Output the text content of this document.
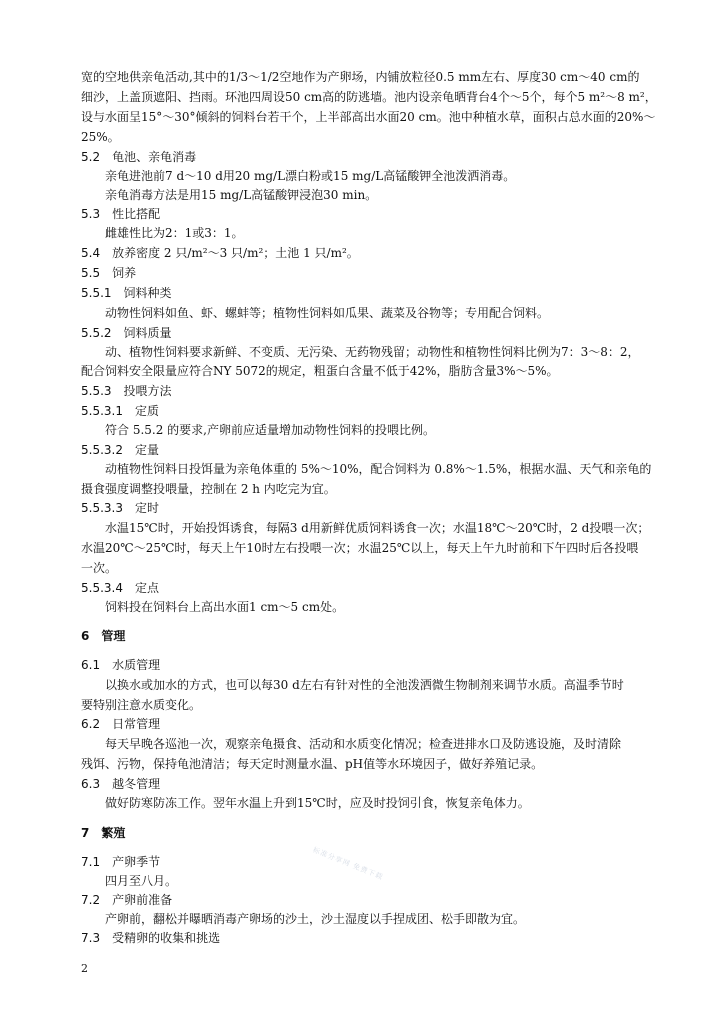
宽的空地供亲龟活动,其中的1/3～1/2空地作为产卵场，内铺放粒径0.5 mm左右、厚度30 cm～40 cm的
细沙，上盖顶遮阳、挡雨。环池四周设50 cm高的防逃墙。池内设亲龟晒背台4个～5个，每个5 m²～8 m²，
设与水面呈15°～30°倾斜的饲料台若干个，上半部高出水面20 cm。池中种植水草，面积占总水面的20%～
25%。
5.2 龟池、亲龟消毒
亲龟进池前7 d～10 d用20 mg/L漂白粉或15 mg/L高锰酸钾全池泼洒消毒。
亲龟消毒方法是用15 mg/L高锰酸钾浸泡30 min。
5.3 性比搭配
雌雄性比为2：1或3：1。
5.4 放养密度 2 只/m²～3 只/m²；土池 1 只/m²。
5.5 饲养
5.5.1 饲料种类
动物性饲料如鱼、虾、螺蚌等；植物性饲料如瓜果、蔬菜及谷物等；专用配合饲料。
5.5.2 饲料质量
动、植物性饲料要求新鲜、不变质、无污染、无药物残留；动物性和植物性饲料比例为7：3～8：2，
配合饲料安全限量应符合NY 5072的规定，粗蛋白含量不低于42%，脂肪含量3%～5%。
5.5.3 投喂方法
5.5.3.1 定质
符合 5.5.2 的要求,产卵前应适量增加动物性饲料的投喂比例。
5.5.3.2 定量
动植物性饲料日投饵量为亲龟体重的 5%～10%，配合饲料为 0.8%～1.5%，根据水温、天气和亲龟的
摄食强度调整投喂量，控制在 2 h 内吃完为宜。
5.5.3.3 定时
水温15℃时，开始投饵诱食，每隔3 d用新鲜优质饲料诱食一次；水温18℃～20℃时，2 d投喂一次；
水温20℃～25℃时，每天上午10时左右投喂一次；水温25℃以上，每天上午九时前和下午四时后各投喂
一次。
5.5.3.4 定点
饲料投在饲料台上高出水面1 cm～5 cm处。
6 管理
6.1 水质管理
以换水或加水的方式，也可以每30 d左右有针对性的全池泼洒微生物制剂来调节水质。高温季节时
要特别注意水质变化。
6.2 日常管理
每天早晚各巡池一次，观察亲龟摄食、活动和水质变化情况；检查进排水口及防逃设施，及时清除
残饵、污物，保持龟池清洁；每天定时测量水温、pH值等水环境因子，做好养殖记录。
6.3 越冬管理
做好防寒防冻工作。翌年水温上升到15℃时，应及时投饲引食，恢复亲龟体力。
7 繁殖
7.1 产卵季节
四月至八月。
7.2 产卵前准备
产卵前，翻松并曝晒消毒产卵场的沙土，沙土湿度以手捏成团、松手即散为宜。
7.3 受精卵的收集和挑选
标准分享网 免费下载
2
